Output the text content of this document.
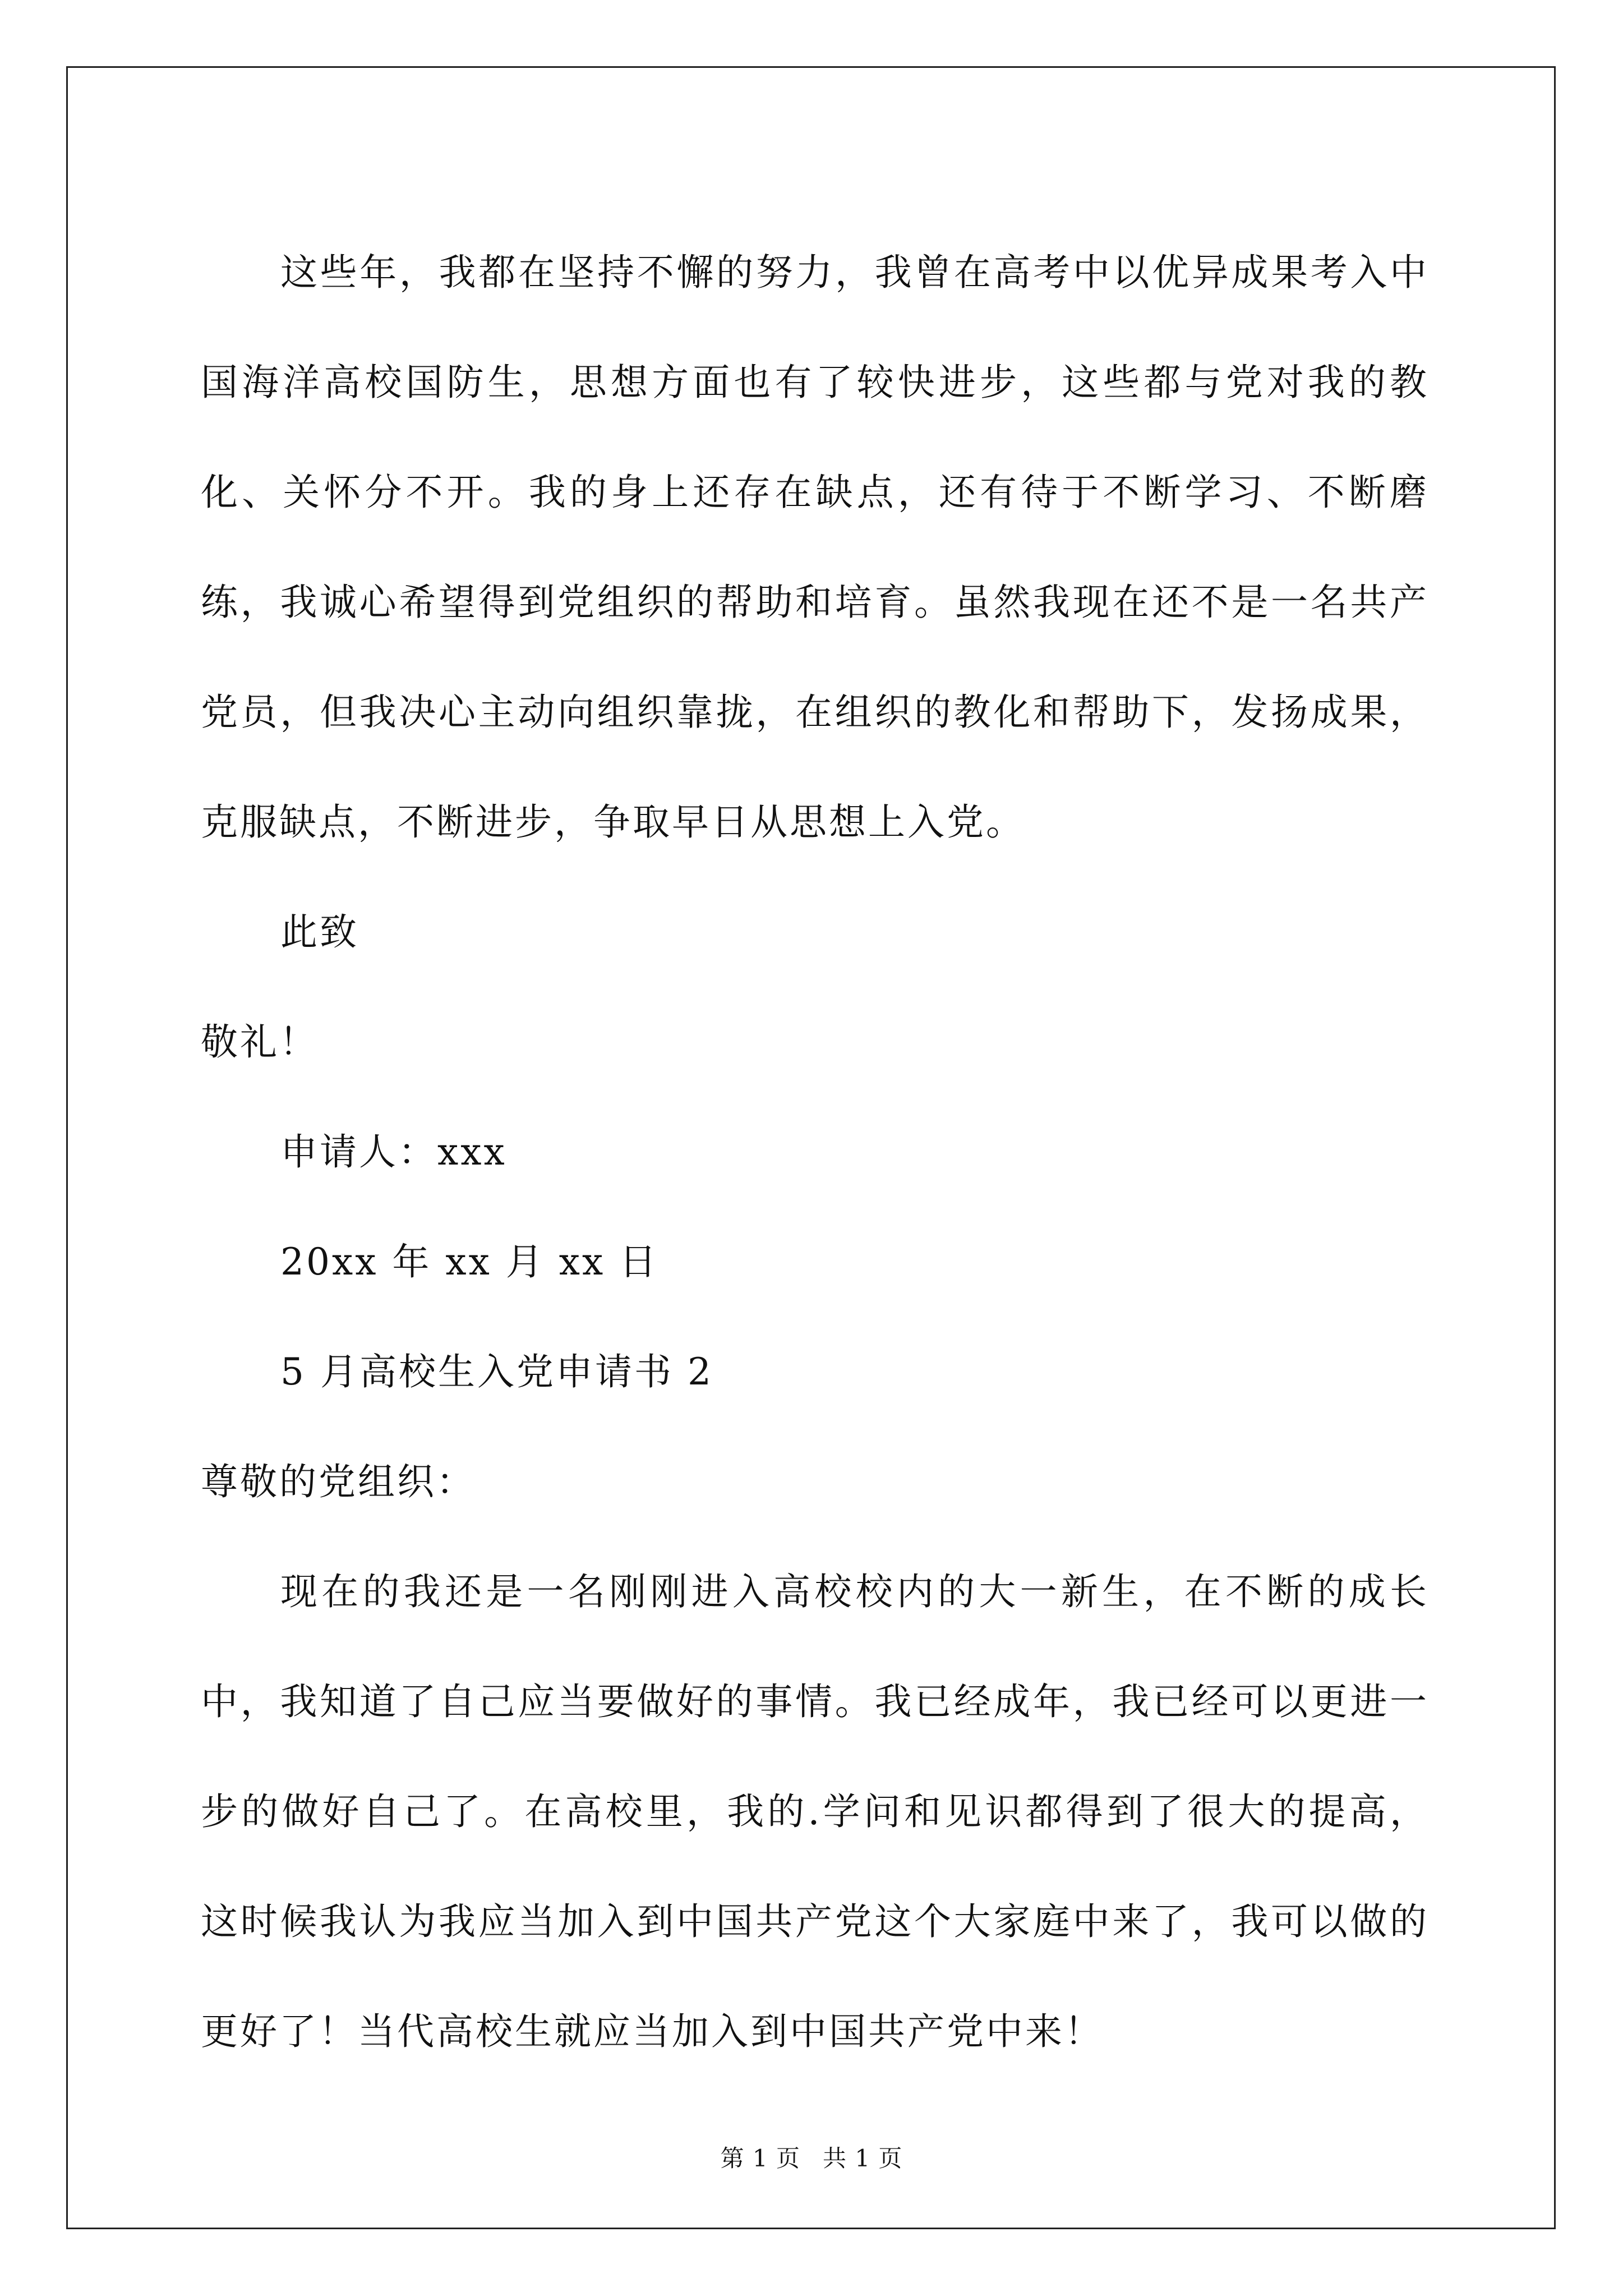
这些年，我都在坚持不懈的努力，我曾在高考中以优异成果考入中国海洋高校国防生，思想方面也有了较快进步，这些都与党对我的教化、关怀分不开。我的身上还存在缺点，还有待于不断学习、不断磨练，我诚心希望得到党组织的帮助和培育。虽然我现在还不是一名共产党员，但我决心主动向组织靠拢，在组织的教化和帮助下，发扬成果，克服缺点，不断进步，争取早日从思想上入党。

此致

敬礼！

申请人：xxx

20xx 年 xx 月 xx 日

5 月高校生入党申请书 2

尊敬的党组织：

现在的我还是一名刚刚进入高校校内的大一新生，在不断的成长中，我知道了自己应当要做好的事情。我已经成年，我已经可以更进一步的做好自己了。在高校里，我的.学问和见识都得到了很大的提高，这时候我认为我应当加入到中国共产党这个大家庭中来了，我可以做的更好了！当代高校生就应当加入到中国共产党中来！

第 1 页 共 1 页
